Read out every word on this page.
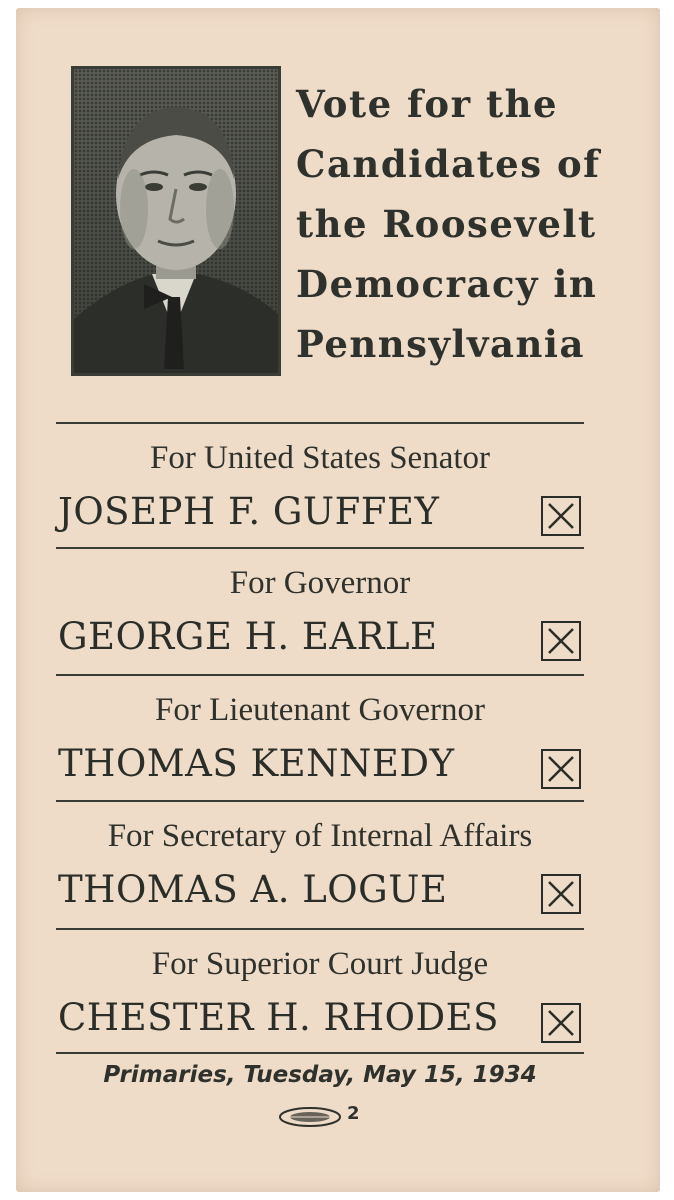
Vote for the
Candidates of
the Roosevelt
Democracy in
Pennsylvania
For United States Senator
JOSEPH F. GUFFEY
For Governor
GEORGE H. EARLE
For Lieutenant Governor
THOMAS KENNEDY
For Secretary of Internal Affairs
THOMAS A. LOGUE
For Superior Court Judge
CHESTER H. RHODES
Primaries, Tuesday, May 15, 1934
2
